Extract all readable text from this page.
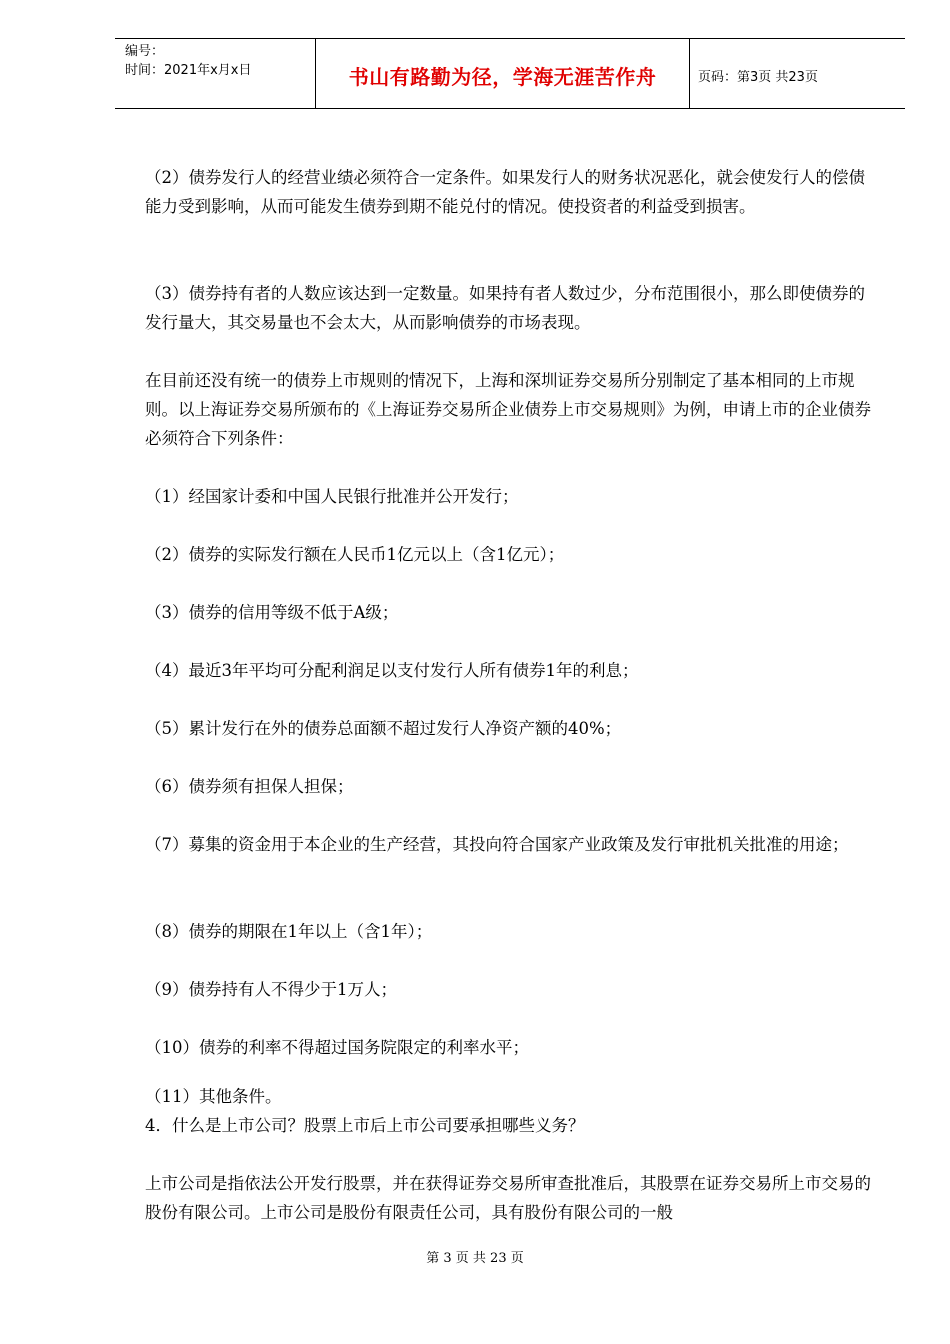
编号：
时间：2021年x月x日	书山有路勤为径，学海无涯苦作舟	页码：第3页 共23页

（2）债券发行人的经营业绩必须符合一定条件。如果发行人的财务状况恶化，就会使发行人的偿债能力受到影响，从而可能发生债券到期不能兑付的情况。使投资者的利益受到损害。

（3）债券持有者的人数应该达到一定数量。如果持有者人数过少，分布范围很小，那么即使债券的发行量大，其交易量也不会太大，从而影响债券的市场表现。

在目前还没有统一的债券上市规则的情况下，上海和深圳证券交易所分别制定了基本相同的上市规则。以上海证券交易所颁布的《上海证券交易所企业债券上市交易规则》为例，申请上市的企业债券必须符合下列条件：

（1）经国家计委和中国人民银行批准并公开发行；

（2）债券的实际发行额在人民币1亿元以上（含1亿元）；

（3）债券的信用等级不低于A级；

（4）最近3年平均可分配利润足以支付发行人所有债券1年的利息；

（5）累计发行在外的债券总面额不超过发行人净资产额的40%；

（6）债券须有担保人担保；

（7）募集的资金用于本企业的生产经营，其投向符合国家产业政策及发行审批机关批准的用途；

（8）债券的期限在1年以上（含1年）；

（9）债券持有人不得少于1万人；

（10）债券的利率不得超过国务院限定的利率水平；

（11）其他条件。

4．什么是上市公司？股票上市后上市公司要承担哪些义务？

上市公司是指依法公开发行股票，并在获得证券交易所审查批准后，其股票在证券交易所上市交易的股份有限公司。上市公司是股份有限责任公司，具有股份有限公司的一般

第 3 页 共 23 页
